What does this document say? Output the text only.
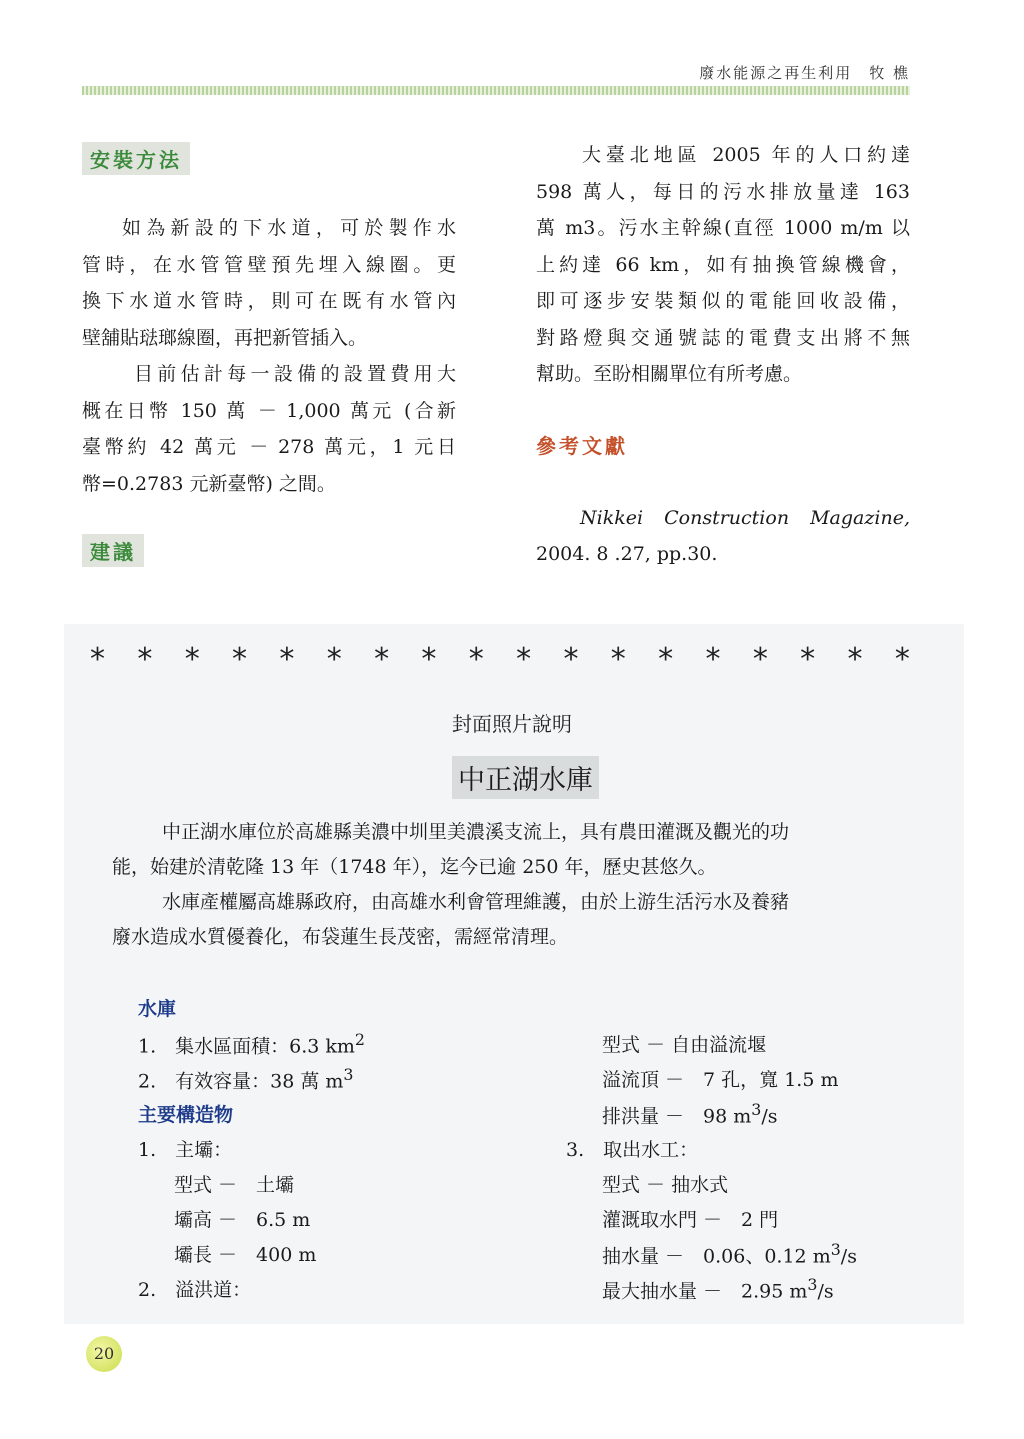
廢水能源之再生利用　牧 樵
安裝方法
如為新設的下水道，可於製作水
管時，在水管管壁預先埋入線圈。更
換下水道水管時，則可在既有水管內
壁舖貼琺瑯線圈，再把新管插入。
目前估計每一設備的設置費用大
概在日幣 150 萬 － 1,000 萬元 (合新
臺幣約 42 萬元 － 278 萬元，1 元日
幣=0.2783 元新臺幣) 之間。
建議
大臺北地區 2005 年的人口約達
598 萬人，每日的污水排放量達 163
萬 m3。污水主幹線(直徑 1000 m/m 以
上約達 66 km，如有抽換管線機會，
即可逐步安裝類似的電能回收設備，
對路燈與交通號誌的電費支出將不無
幫助。至盼相關單位有所考慮。
參考文獻
Nikkei Construction Magazine,
2004. 8 .27, pp.30.
* * * * * * * * * * * * * * * * * *
封面照片說明
中正湖水庫
中正湖水庫位於高雄縣美濃中圳里美濃溪支流上，具有農田灌溉及觀光的功
能，始建於清乾隆 13 年（1748 年），迄今已逾 250 年，歷史甚悠久。
水庫產權屬高雄縣政府，由高雄水利會管理維護，由於上游生活污水及養豬
廢水造成水質優養化，布袋蓮生長茂密，需經常清理。
水庫
1.　集水區面積：6.3 $km^2$
2.　有效容量：38 萬 $m^3$
主要構造物
1.　主壩：
型式 －　土壩
壩高 －　6.5 m
壩長 －　400 m
2.　溢洪道：
型式 － 自由溢流堰
溢流頂 －　7 孔，寬 1.5 m
排洪量 －　98 $m^3/s$
3.　取出水工：
型式 － 抽水式
灌溉取水門 －　2 門
抽水量 －　0.06、0.12 $m^3/s$
最大抽水量 －　2.95 $m^3/s$
20
